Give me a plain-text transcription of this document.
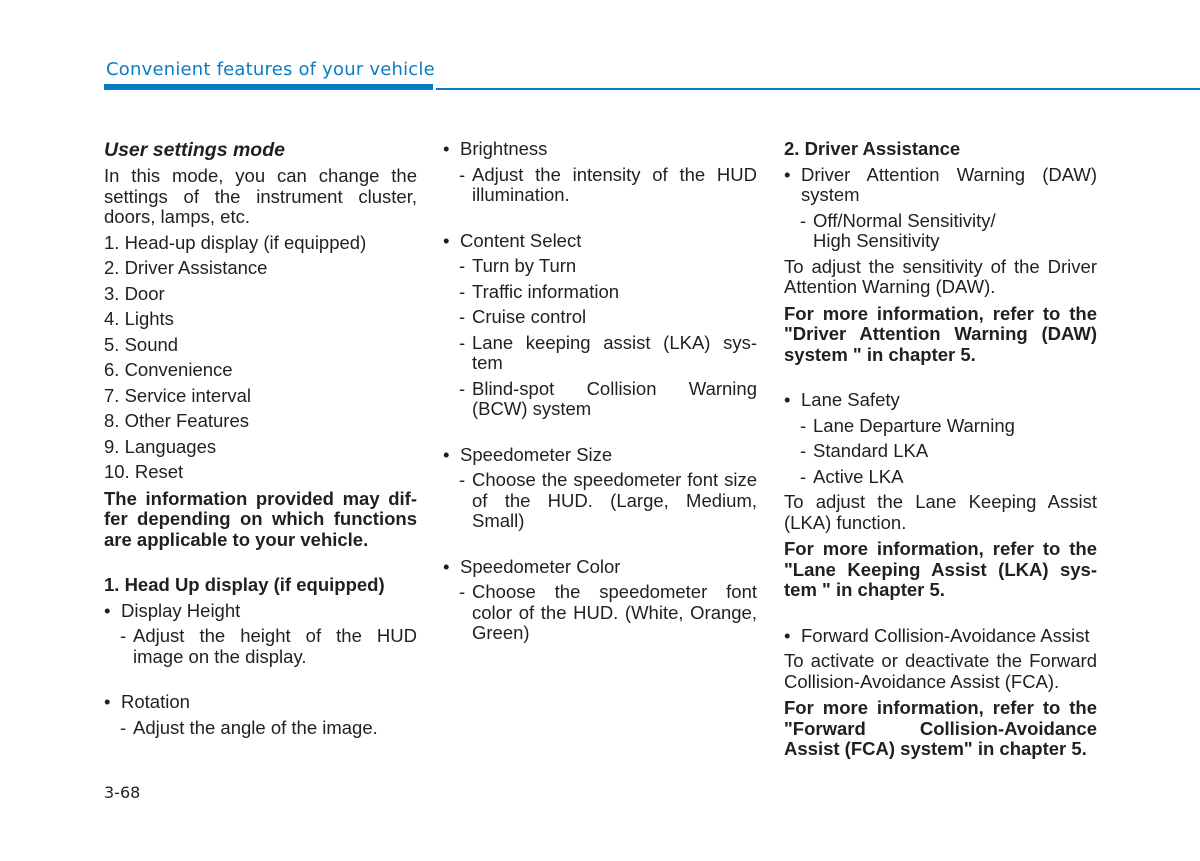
Convenient features of your vehicle
User settings mode

In this mode, you can change the settings of the instrument cluster, doors, lamps, etc.

1. Head-up display (if equipped)

2. Driver Assistance

3. Door

4. Lights

5. Sound

6. Convenience

7. Service interval

8. Other Features

9. Languages

10. Reset

The information provided may dif-fer depending on which functions are applicable to your vehicle.

1. Head Up display (if equipped)

• Display Height

- Adjust the height of the HUD image on the display.

• Rotation

- Adjust the angle of the image.

• Brightness

- Adjust the intensity of the HUD illumination.

• Content Select

- Turn by Turn

- Traffic information

- Cruise control

- Lane keeping assist (LKA) sys-tem

- Blind-spot Collision Warning (BCW) system

• Speedometer Size

- Choose the speedometer font size of the HUD. (Large, Medium, Small)

• Speedometer Color

- Choose the speedometer font color of the HUD. (White, Orange, Green)

2. Driver Assistance

• Driver Attention Warning (DAW) system

- Off/Normal Sensitivity/
High Sensitivity

To adjust the sensitivity of the Driver Attention Warning (DAW).

For more information, refer to the "Driver Attention Warning (DAW) system " in chapter 5.

• Lane Safety

- Lane Departure Warning

- Standard LKA

- Active LKA

To adjust the Lane Keeping Assist (LKA) function.

For more information, refer to the "Lane Keeping Assist (LKA) sys-tem " in chapter 5.

• Forward Collision-Avoidance Assist

To activate or deactivate the Forward Collision-Avoidance Assist (FCA).

For more information, refer to the "Forward Collision-Avoidance Assist (FCA) system" in chapter 5.

3-68
